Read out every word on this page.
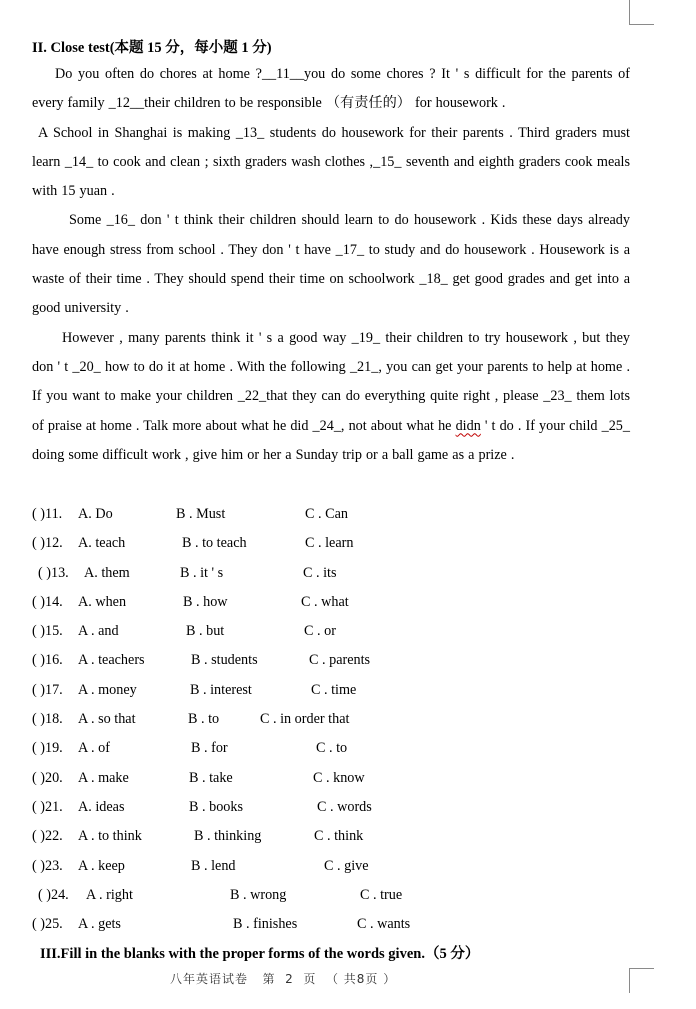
II. Close test(本题 15 分，每小题 1 分)

Do you often do chores at home ?__11__you do some chores ? It ' s difficult for the parents of every family _12__their children to be responsible （有责任的） for housework .

A School in Shanghai is making _13_ students do housework for their parents . Third graders must learn _14_ to cook and clean ; sixth graders wash clothes ,_15_ seventh and eighth graders cook meals with 15 yuan .

Some _16_ don ' t think their children should learn to do housework . Kids these days already have enough stress from school . They don ' t have _17_ to study and do housework . Housework is a waste of their time . They should spend their time on schoolwork _18_ get good grades and get into a good university .

However , many parents think it ' s a good way _19_ their children to try housework , but they don ' t _20_ how to do it at home . With the following _21_, you can get your parents to help at home . If you want to make your children _22_that they can do everything quite right , please _23_ them lots of praise at home . Talk more about what he did _24_, not about what he didn ' t do . If your child _25_ doing some difficult work , give him or her a Sunday trip or a ball game as a prize .

( )11. A. Do	B . Must	C . Can
( )12. A. teach	B . to teach	C . learn
( )13. A. them	B . it ' s	C . its
( )14. A. when	B . how	C . what
( )15. A . and	B . but	C . or
( )16. A . teachers	B . students	C . parents
( )17. A . money	B . interest	C . time
( )18. A . so that	B . to	C . in order that
( )19. A . of	B . for	C . to
( )20. A . make	B . take	C . know
( )21. A. ideas	B . books	C . words
( )22. A . to think	B . thinking	C . think
( )23. A . keep	B . lend	C . give
( )24. A . right	B . wrong	C . true
( )25. A . gets	B . finishes	C . wants
III.Fill in the blanks with the proper forms of the words given.（5 分）
八年英语试卷   第  2  页  （ 共8页 ）
